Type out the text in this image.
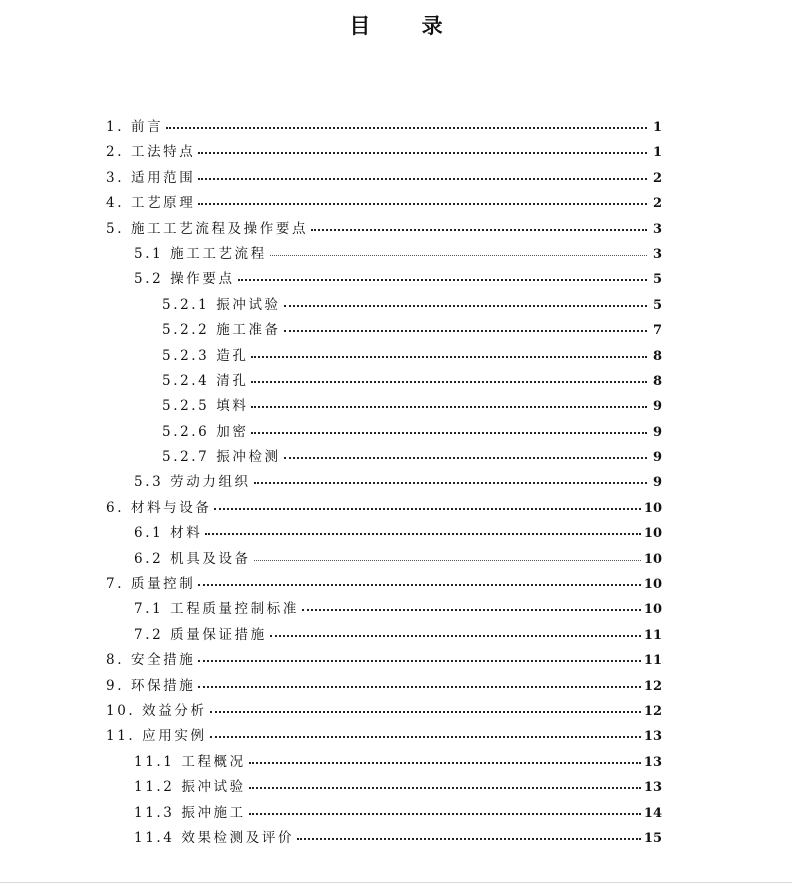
目 录
1. 前言	1
2. 工法特点	1
3. 适用范围	2
4. 工艺原理	2
5. 施工工艺流程及操作要点	3
5.1 施工工艺流程	3
5.2 操作要点	5
5.2.1 振冲试验	5
5.2.2 施工准备	7
5.2.3 造孔	8
5.2.4 清孔	8
5.2.5 填料	9
5.2.6 加密	9
5.2.7 振冲检测	9
5.3 劳动力组织	9
6. 材料与设备	10
6.1 材料	10
6.2 机具及设备	10
7. 质量控制	10
7.1 工程质量控制标准	10
7.2 质量保证措施	11
8. 安全措施	11
9. 环保措施	12
10. 效益分析	12
11. 应用实例	13
11.1 工程概况	13
11.2 振冲试验	13
11.3 振冲施工	14
11.4 效果检测及评价	15
